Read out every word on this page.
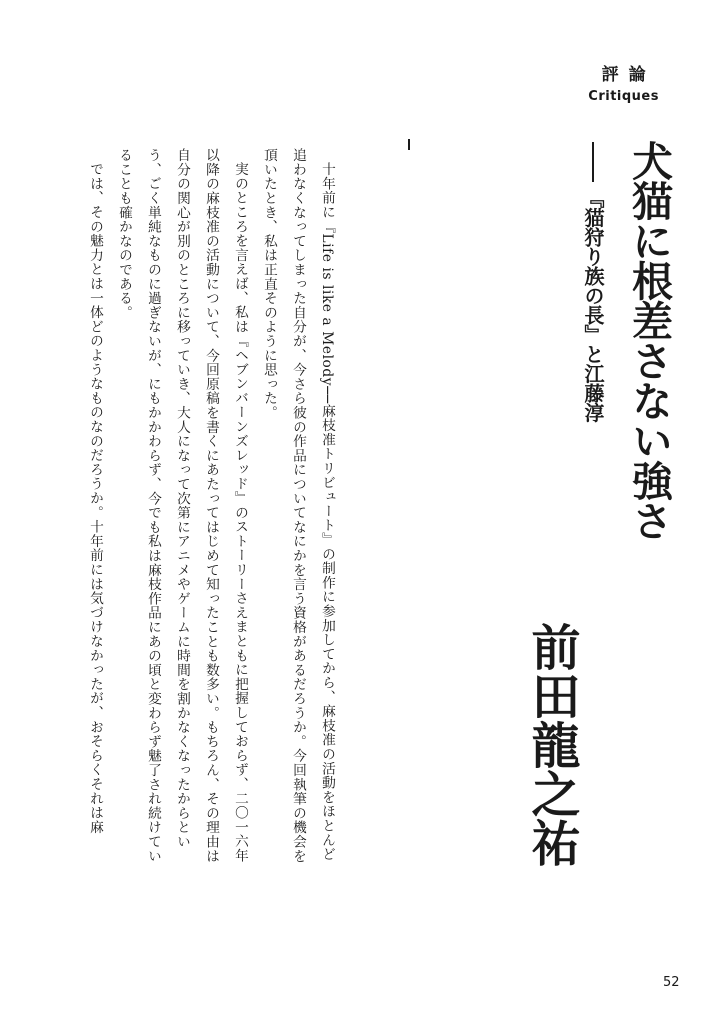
評論
Critiques
犬猫に根差さない強さ
『猫狩り族の長』と江藤淳
前田龍之祐

十年前に『Life is like a Melody──麻枝准トリビュート』の制作に参加してから、麻枝准の活動をほとんど追わなくなってしまった自分が、今さら彼の作品についてなにかを言う資格があるだろうか。今回執筆の機会を頂いたとき、私は正直そのように思った。

実のところを言えば、私は『ヘブンバーンズレッド』のストーリーさえまともに把握しておらず、二〇一六年以降の麻枝准の活動について、今回原稿を書くにあたってはじめて知ったことも数多い。もちろん、その理由は自分の関心が別のところに移っていき、大人になって次第にアニメやゲームに時間を割かなくなったからという、ごく単純なものに過ぎないが、にもかかわらず、今でも私は麻枝作品にあの頃と変わらず魅了され続けていることも確かなのである。

では、その魅力とは一体どのようなものなのだろうか。十年前には気づけなかったが、おそらくそれは麻

52
